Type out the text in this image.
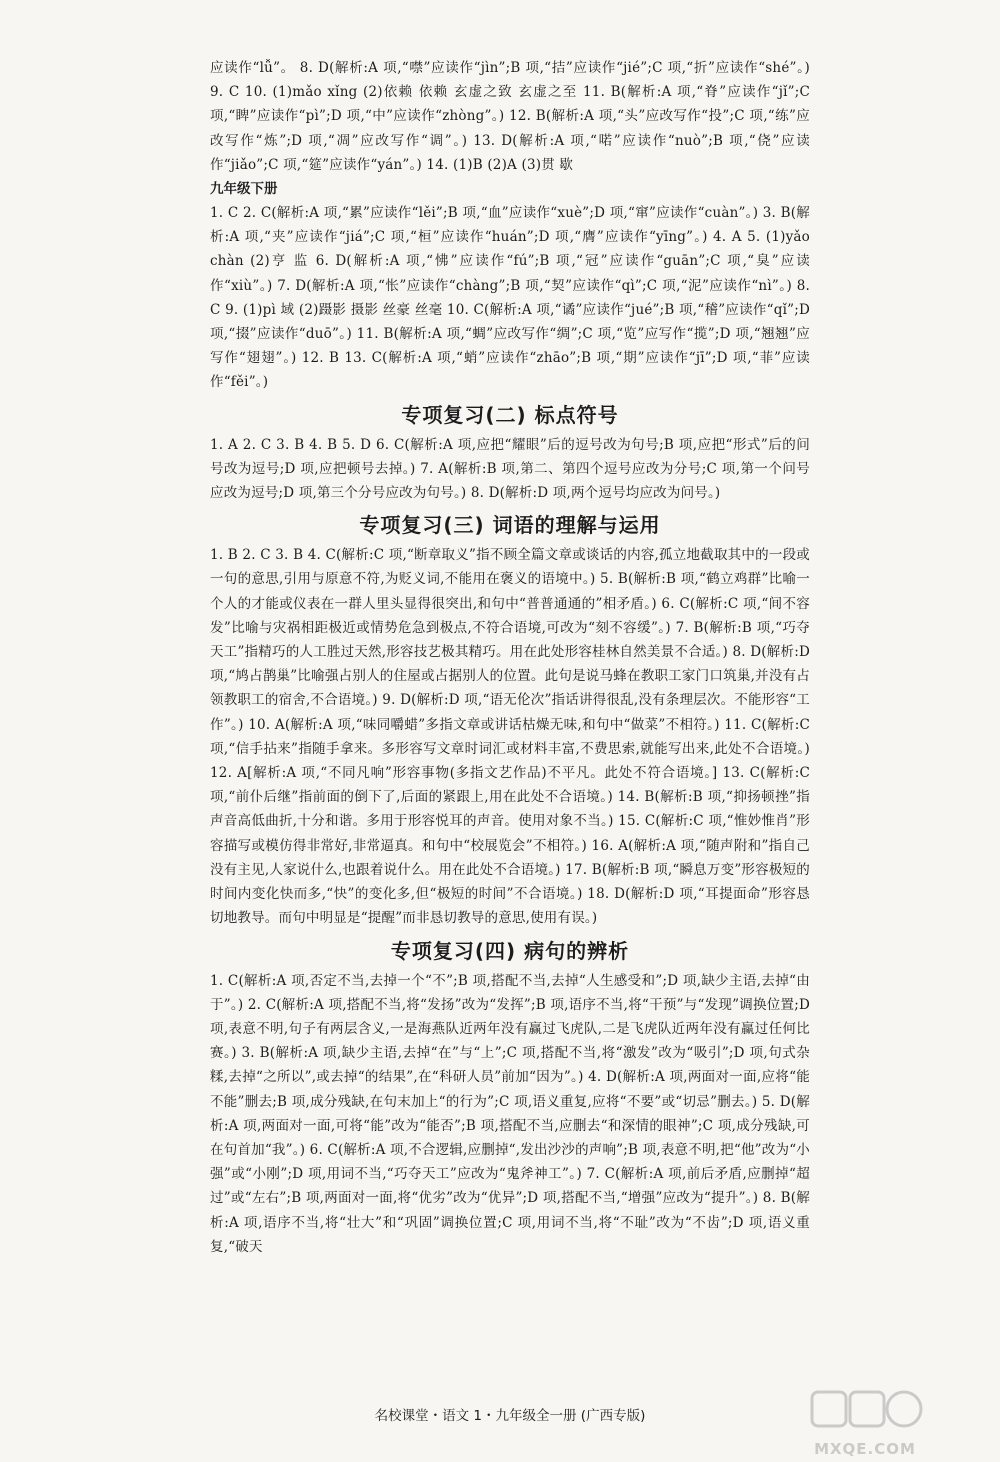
应读作“lǚ”。 8. D(解析:A 项,“噤”应读作“jìn”;B 项,“拮”应读作“jié”;C 项,“折”应读作“shé”。) 9. C 10. (1)mǎo xǐng (2)依赖 依赖 玄虚之致 玄虚之至 11. B(解析:A 项,“脊”应读作“jǐ”;C 项,“睥”应读作“pì”;D 项,“中”应读作“zhòng”。) 12. B(解析:A 项,“头”应改写作“投”;C 项,“练”应改写作“炼”;D 项,“凋”应改写作“调”。) 13. D(解析:A 项,“喏”应读作“nuò”;B 项,“侥”应读作“jiǎo”;C 项,“筵”应读作“yán”。) 14. (1)B (2)A (3)贯 歇

九年级下册

1. C 2. C(解析:A 项,“累”应读作“lěi”;B 项,“血”应读作“xuè”;D 项,“窜”应读作“cuàn”。) 3. B(解析:A 项,“夹”应读作“jiá”;C 项,“桓”应读作“huán”;D 项,“膺”应读作“yīng”。) 4. A 5. (1)yǎo chàn (2)亨 监 6. D(解析:A 项,“怫”应读作“fú”;B 项,“冠”应读作“guān”;C 项,“臭”应读作“xiù”。) 7. D(解析:A 项,“怅”应读作“chàng”;B 项,“契”应读作“qì”;C 项,“泥”应读作“nì”。) 8. C 9. (1)pì 域 (2)蹑影 摄影 丝豪 丝毫 10. C(解析:A 项,“谲”应读作“jué”;B 项,“稽”应读作“qǐ”;D 项,“掇”应读作“duō”。) 11. B(解析:A 项,“蜩”应改写作“绸”;C 项,“览”应写作“揽”;D 项,“翘翘”应写作“翅翅”。) 12. B 13. C(解析:A 项,“蛸”应读作“zhāo”;B 项,“期”应读作“jī”;D 项,“菲”应读作“fěi”。)

专项复习(二) 标点符号

1. A 2. C 3. B 4. B 5. D 6. C(解析:A 项,应把“耀眼”后的逗号改为句号;B 项,应把“形式”后的问号改为逗号;D 项,应把顿号去掉。) 7. A(解析:B 项,第二、第四个逗号应改为分号;C 项,第一个问号应改为逗号;D 项,第三个分号应改为句号。) 8. D(解析:D 项,两个逗号均应改为问号。)

专项复习(三) 词语的理解与运用

1. B 2. C 3. B 4. C(解析:C 项,“断章取义”指不顾全篇文章或谈话的内容,孤立地截取其中的一段或一句的意思,引用与原意不符,为贬义词,不能用在褒义的语境中。) 5. B(解析:B 项,“鹤立鸡群”比喻一个人的才能或仪表在一群人里头显得很突出,和句中“普普通通的”相矛盾。) 6. C(解析:C 项,“间不容发”比喻与灾祸相距极近或情势危急到极点,不符合语境,可改为“刻不容缓”。) 7. B(解析:B 项,“巧夺天工”指精巧的人工胜过天然,形容技艺极其精巧。用在此处形容桂林自然美景不合适。) 8. D(解析:D 项,“鸠占鹊巢”比喻强占别人的住屋或占据别人的位置。此句是说马蜂在教职工家门口筑巢,并没有占领教职工的宿舍,不合语境。) 9. D(解析:D 项,“语无伦次”指话讲得很乱,没有条理层次。不能形容“工作”。) 10. A(解析:A 项,“味同嚼蜡”多指文章或讲话枯燥无味,和句中“做菜”不相符。) 11. C(解析:C 项,“信手拈来”指随手拿来。多形容写文章时词汇或材料丰富,不费思索,就能写出来,此处不合语境。) 12. A[解析:A 项,“不同凡响”形容事物(多指文艺作品)不平凡。此处不符合语境。] 13. C(解析:C 项,“前仆后继”指前面的倒下了,后面的紧跟上,用在此处不合语境。) 14. B(解析:B 项,“抑扬顿挫”指声音高低曲折,十分和谐。多用于形容悦耳的声音。使用对象不当。) 15. C(解析:C 项,“惟妙惟肖”形容描写或模仿得非常好,非常逼真。和句中“校展览会”不相符。) 16. A(解析:A 项,“随声附和”指自己没有主见,人家说什么,也跟着说什么。用在此处不合语境。) 17. B(解析:B 项,“瞬息万变”形容极短的时间内变化快而多,“快”的变化多,但“极短的时间”不合语境。) 18. D(解析:D 项,“耳提面命”形容恳切地教导。而句中明显是“提醒”而非恳切教导的意思,使用有误。)

专项复习(四) 病句的辨析

1. C(解析:A 项,否定不当,去掉一个“不”;B 项,搭配不当,去掉“人生感受和”;D 项,缺少主语,去掉“由于”。) 2. C(解析:A 项,搭配不当,将“发扬”改为“发挥”;B 项,语序不当,将“干预”与“发现”调换位置;D 项,表意不明,句子有两层含义,一是海燕队近两年没有赢过飞虎队,二是飞虎队近两年没有赢过任何比赛。) 3. B(解析:A 项,缺少主语,去掉“在”与“上”;C 项,搭配不当,将“激发”改为“吸引”;D 项,句式杂糅,去掉“之所以”,或去掉“的结果”,在“科研人员”前加“因为”。) 4. D(解析:A 项,两面对一面,应将“能不能”删去;B 项,成分残缺,在句末加上“的行为”;C 项,语义重复,应将“不要”或“切忌”删去。) 5. D(解析:A 项,两面对一面,可将“能”改为“能否”;B 项,搭配不当,应删去“和深情的眼神”;C 项,成分残缺,可在句首加“我”。) 6. C(解析:A 项,不合逻辑,应删掉“,发出沙沙的声响”;B 项,表意不明,把“他”改为“小强”或“小刚”;D 项,用词不当,“巧夺天工”应改为“鬼斧神工”。) 7. C(解析:A 项,前后矛盾,应删掉“超过”或“左右”;B 项,两面对一面,将“优劣”改为“优异”;D 项,搭配不当,“增强”应改为“提升”。) 8. B(解析:A 项,语序不当,将“壮大”和“巩固”调换位置;C 项,用词不当,将“不耻”改为“不齿”;D 项,语义重复,“破天

名校课堂・语文 1・九年级全一册 (广西专版)
MXQE.COM
